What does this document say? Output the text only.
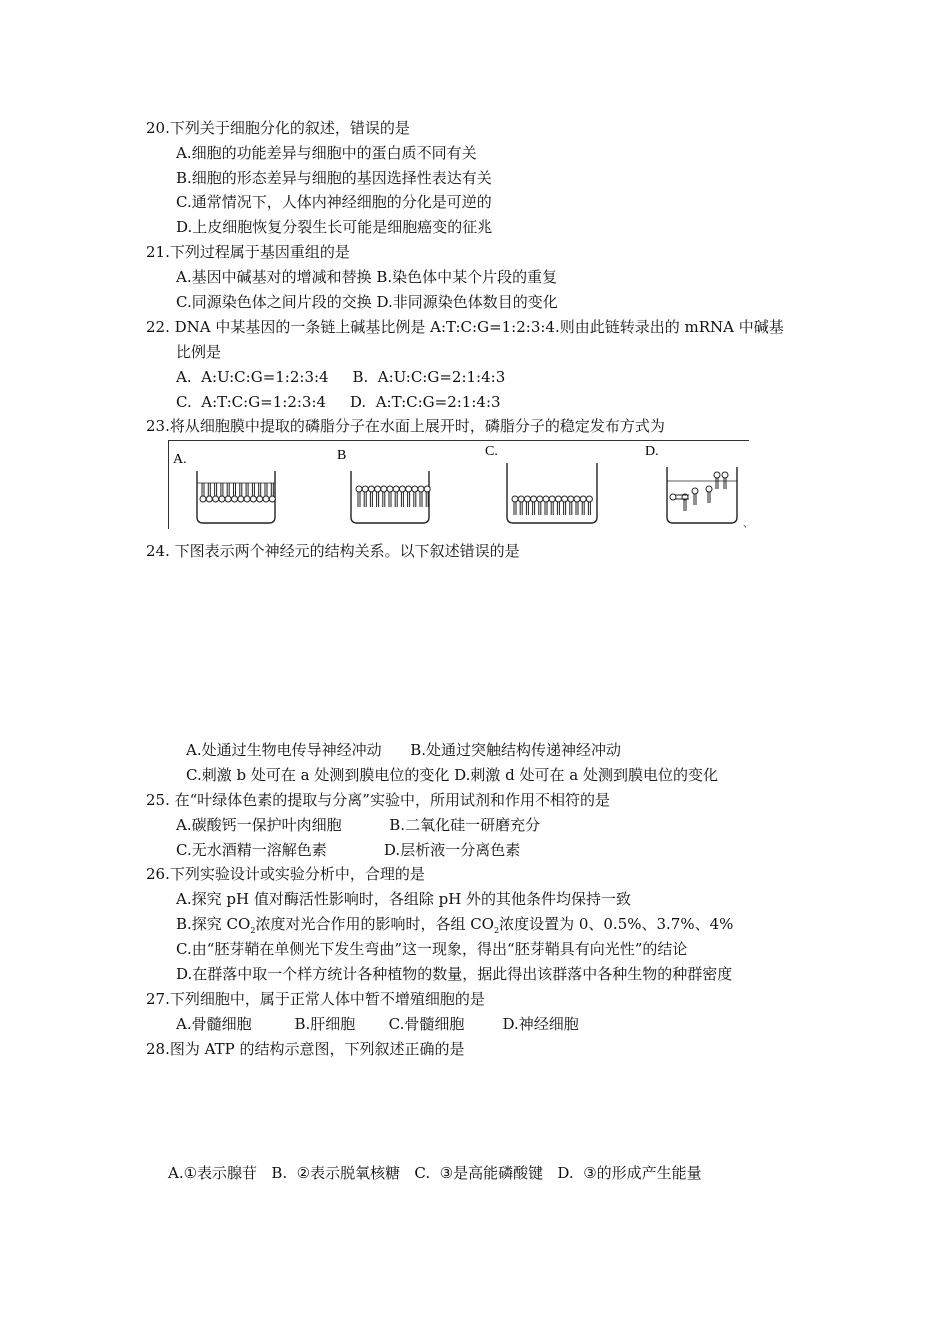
20.下列关于细胞分化的叙述，错误的是
A.细胞的功能差异与细胞中的蛋白质不同有关
B.细胞的形态差异与细胞的基因选择性表达有关
C.通常情况下，人体内神经细胞的分化是可逆的
D.上皮细胞恢复分裂生长可能是细胞癌变的征兆
21.下列过程属于基因重组的是
A.基因中碱基对的增减和替换 B.染色体中某个片段的重复
C.同源染色体之间片段的交换 D.非同源染色体数目的变化
22. DNA 中某基因的一条链上碱基比例是 A:T:C:G=1:2:3:4.则由此链转录出的 mRNA 中碱基
比例是
A.  A:U:C:G=1:2:3:4     B.  A:U:C:G=2:1:4:3
C.  A:T:C:G=1:2:3:4     D.  A:T:C:G=2:1:4:3
23.将从细胞膜中提取的磷脂分子在水面上展开时，磷脂分子的稳定发布方式为
A.	B	C.	D.
、
24. 下图表示两个神经元的结构关系。以下叙述错误的是
A.处通过生物电传导神经冲动      B.处通过突触结构传递神经冲动
C.刺激 b 处可在 a 处测到膜电位的变化 D.刺激 d 处可在 a 处测到膜电位的变化
25. 在“叶绿体色素的提取与分离”实验中，所用试剂和作用不相符的是
A.碳酸钙一保护叶肉细胞          B.二氧化硅一研磨充分
C.无水酒精一溶解色素            D.层析液一分离色素
26.下列实验设计或实验分析中，合理的是
A.探究 pH 值对酶活性影响时，各组除 pH 外的其他条件均保持一致
B.探究 $CO_2$浓度对光合作用的影响时，各组 $CO_2$浓度设置为 0、0.5%、3.7%、4%
C.由“胚芽鞘在单侧光下发生弯曲”这一现象，得出“胚芽鞘具有向光性”的结论
D.在群落中取一个样方统计各种植物的数量，据此得出该群落中各种生物的种群密度
27.下列细胞中，属于正常人体中暂不增殖细胞的是
A.骨髓细胞         B.肝细胞       C.骨髓细胞        D.神经细胞
28.图为 ATP 的结构示意图，下列叙述正确的是
A.①表示腺苷   B.  ②表示脱氧核糖   C.  ③是高能磷酸键   D.  ③的形成产生能量
